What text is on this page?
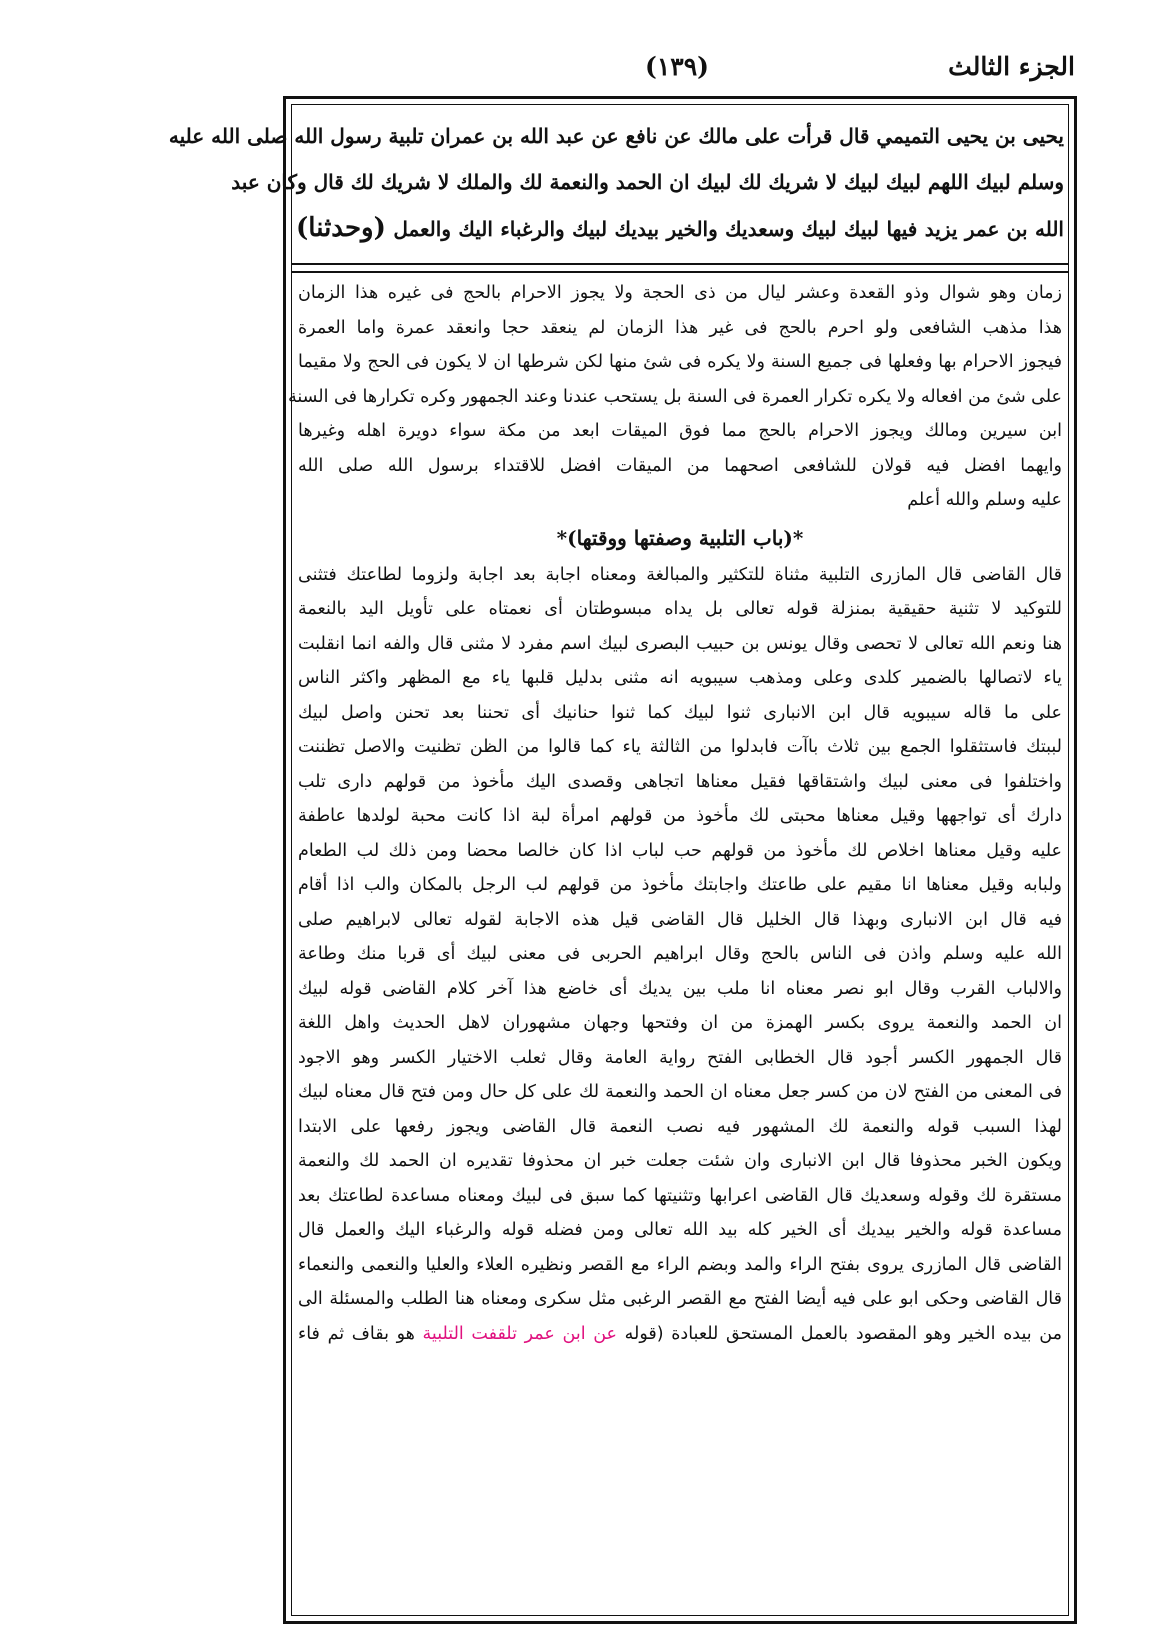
الجزء الثالث
(١٣٩)
يحيى بن يحيى التميمي قال قرأت على مالك عن نافع عن عبد الله بن عمران تلبية رسول الله صلى الله عليه
وسلم لبيك اللهم لبيك لبيك لا شريك لك لبيك ان الحمد والنعمة لك والملك لا شريك لك قال وكان عبد
الله بن عمر يزيد فيها لبيك لبيك وسعديك والخير بيديك لبيك والرغباء اليك والعمل (وحدثنا)
زمان وهو شوال وذو القعدة وعشر ليال من ذى الحجة ولا يجوز الاحرام بالحج فى غيره هذا الزمان
هذا مذهب الشافعى ولو احرم بالحج فى غير هذا الزمان لم ينعقد حجا وانعقد عمرة واما العمرة
فيجوز الاحرام بها وفعلها فى جميع السنة ولا يكره فى شئ منها لكن شرطها ان لا يكون فى الحج ولا مقيما
على شئ من افعاله ولا يكره تكرار العمرة فى السنة بل يستحب عندنا وعند الجمهور وكره تكرارها فى السنة
ابن سيرين ومالك ويجوز الاحرام بالحج مما فوق الميقات ابعد من مكة سواء دويرة اهله وغيرها
وايهما افضل فيه قولان للشافعى اصحهما من الميقات افضل للاقتداء برسول الله صلى الله
عليه وسلم والله أعلم
*(باب التلبية وصفتها ووقتها)*
قال القاضى قال المازرى التلبية مثناة للتكثير والمبالغة ومعناه اجابة بعد اجابة ولزوما لطاعتك فتثنى
للتوكيد لا تثنية حقيقية بمنزلة قوله تعالى بل يداه مبسوطتان أى نعمتاه على تأويل اليد بالنعمة
هنا ونعم الله تعالى لا تحصى وقال يونس بن حبيب البصرى لبيك اسم مفرد لا مثنى قال والفه انما انقلبت
ياء لاتصالها بالضمير كلدى وعلى ومذهب سيبويه انه مثنى بدليل قلبها ياء مع المظهر واكثر الناس
على ما قاله سيبويه قال ابن الانبارى ثنوا لبيك كما ثنوا حنانيك أى تحننا بعد تحنن واصل لبيك
لببتك فاستثقلوا الجمع بين ثلاث باآت فابدلوا من الثالثة ياء كما قالوا من الظن تظنيت والاصل تظننت
واختلفوا فى معنى لبيك واشتقاقها فقيل معناها اتجاهى وقصدى اليك مأخوذ من قولهم دارى تلب
دارك أى تواجهها وقيل معناها محبتى لك مأخوذ من قولهم امرأة لبة اذا كانت محبة لولدها عاطفة
عليه وقيل معناها اخلاص لك مأخوذ من قولهم حب لباب اذا كان خالصا محضا ومن ذلك لب الطعام
ولبابه وقيل معناها انا مقيم على طاعتك واجابتك مأخوذ من قولهم لب الرجل بالمكان والب اذا أقام
فيه قال ابن الانبارى وبهذا قال الخليل قال القاضى قيل هذه الاجابة لقوله تعالى لابراهيم صلى
الله عليه وسلم واذن فى الناس بالحج وقال ابراهيم الحربى فى معنى لبيك أى قربا منك وطاعة
والالباب القرب وقال ابو نصر معناه انا ملب بين يديك أى خاضع هذا آخر كلام القاضى قوله لبيك
ان الحمد والنعمة يروى بكسر الهمزة من ان وفتحها وجهان مشهوران لاهل الحديث واهل اللغة
قال الجمهور الكسر أجود قال الخطابى الفتح رواية العامة وقال ثعلب الاختيار الكسر وهو الاجود
فى المعنى من الفتح لان من كسر جعل معناه ان الحمد والنعمة لك على كل حال ومن فتح قال معناه لبيك
لهذا السبب قوله والنعمة لك المشهور فيه نصب النعمة قال القاضى ويجوز رفعها على الابتدا
ويكون الخبر محذوفا قال ابن الانبارى وان شئت جعلت خبر ان محذوفا تقديره ان الحمد لك والنعمة
مستقرة لك وقوله وسعديك قال القاضى اعرابها وتثنيتها كما سبق فى لبيك ومعناه مساعدة لطاعتك بعد
مساعدة قوله والخير بيديك أى الخير كله بيد الله تعالى ومن فضله قوله والرغباء اليك والعمل قال
القاضى قال المازرى يروى بفتح الراء والمد وبضم الراء مع القصر ونظيره العلاء والعليا والنعمى والنعماء
قال القاضى وحكى ابو على فيه أيضا الفتح مع القصر الرغبى مثل سكرى ومعناه هنا الطلب والمسئلة الى
من بيده الخير وهو المقصود بالعمل المستحق للعبادة (قوله عن ابن عمر تلقفت التلبية هو بقاف ثم فاء
